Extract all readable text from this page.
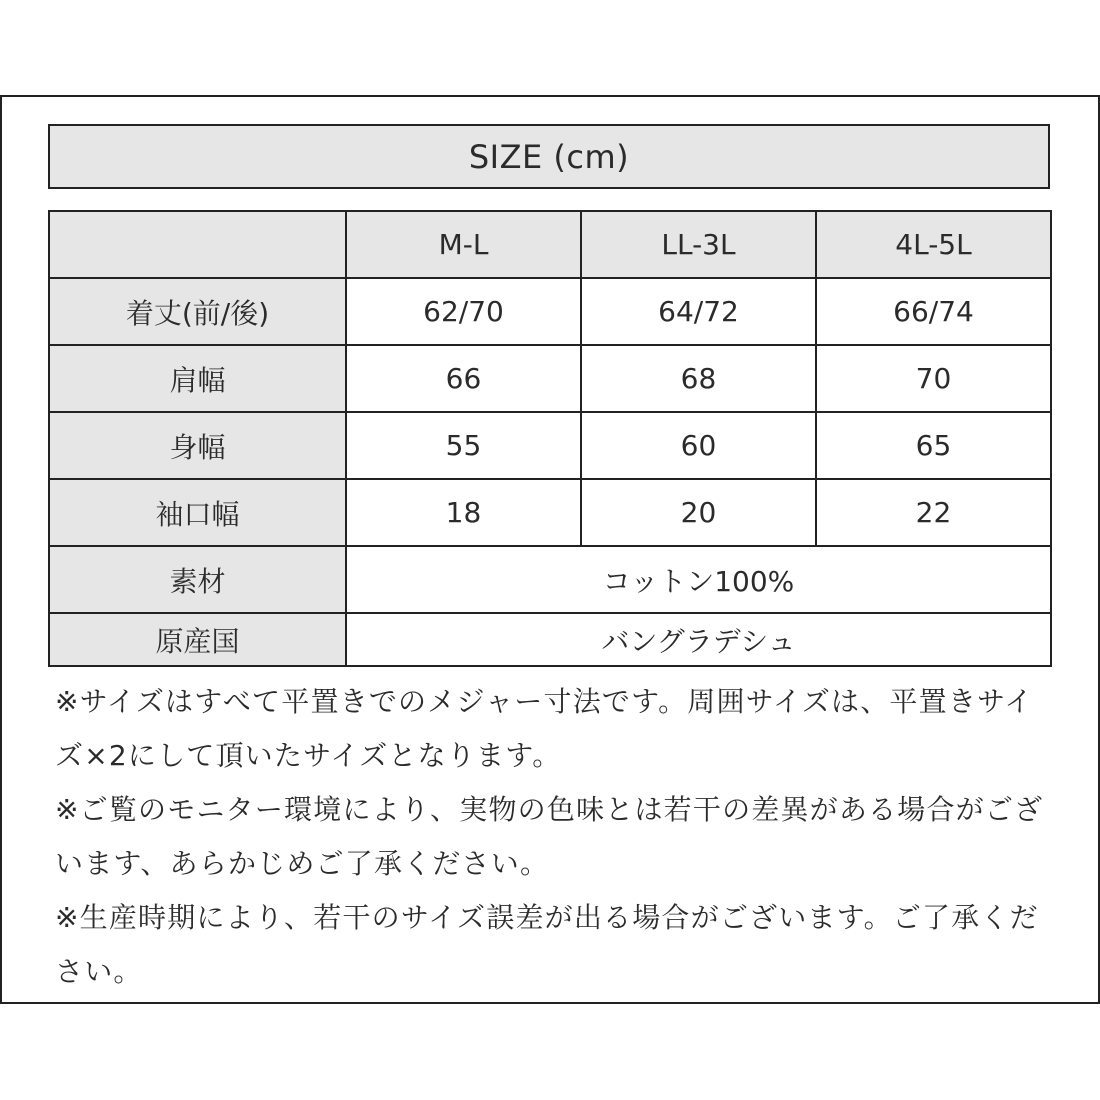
SIZE (cm)
	M-L	LL-3L	4L-5L
着丈(前/後)	62/70	64/72	66/74
肩幅	66	68	70
身幅	55	60	65
袖口幅	18	20	22
素材	コットン100%		
原産国	バングラデシュ		

※サイズはすべて平置きでのメジャー寸法です。周囲サイズは、平置きサイズ×2にして頂いたサイズとなります。

※ご覧のモニター環境により、実物の色味とは若干の差異がある場合がございます、あらかじめご了承ください。

※生産時期により、若干のサイズ誤差が出る場合がございます。ご了承ください。
